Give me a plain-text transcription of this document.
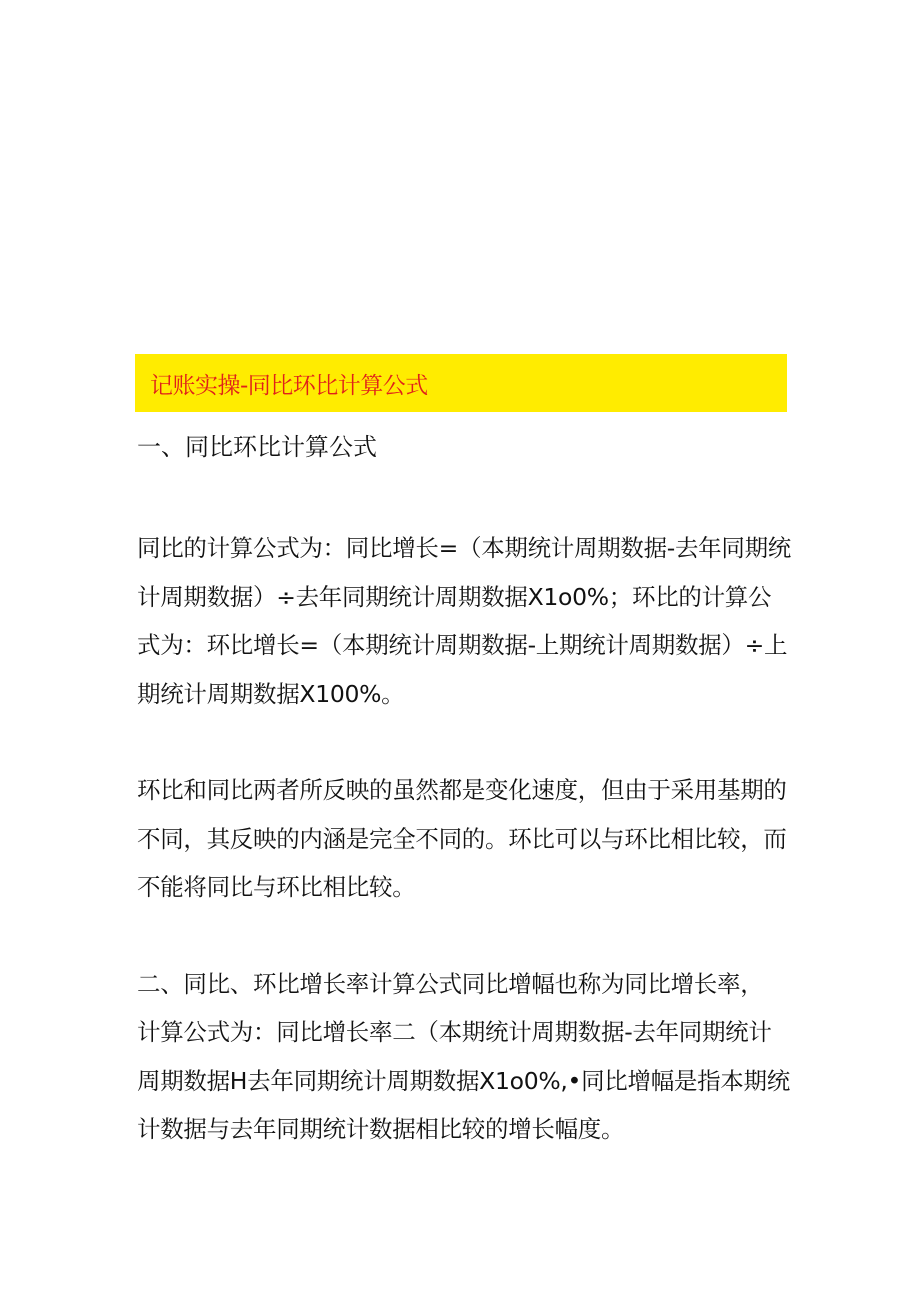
记账实操-同比环比计算公式

一、同比环比计算公式

同比的计算公式为：同比增长=（本期统计周期数据-去年同期统
计周期数据）÷去年同期统计周期数据X1o0%；环比的计算公
式为：环比增长=（本期统计周期数据-上期统计周期数据）÷上
期统计周期数据X100%。

环比和同比两者所反映的虽然都是变化速度，但由于采用基期的
不同，其反映的内涵是完全不同的。环比可以与环比相比较，而
不能将同比与环比相比较。

二、同比、环比增长率计算公式同比增幅也称为同比增长率，
计算公式为：同比增长率二（本期统计周期数据-去年同期统计
周期数据H去年同期统计周期数据X1o0%,•同比增幅是指本期统
计数据与去年同期统计数据相比较的增长幅度。
